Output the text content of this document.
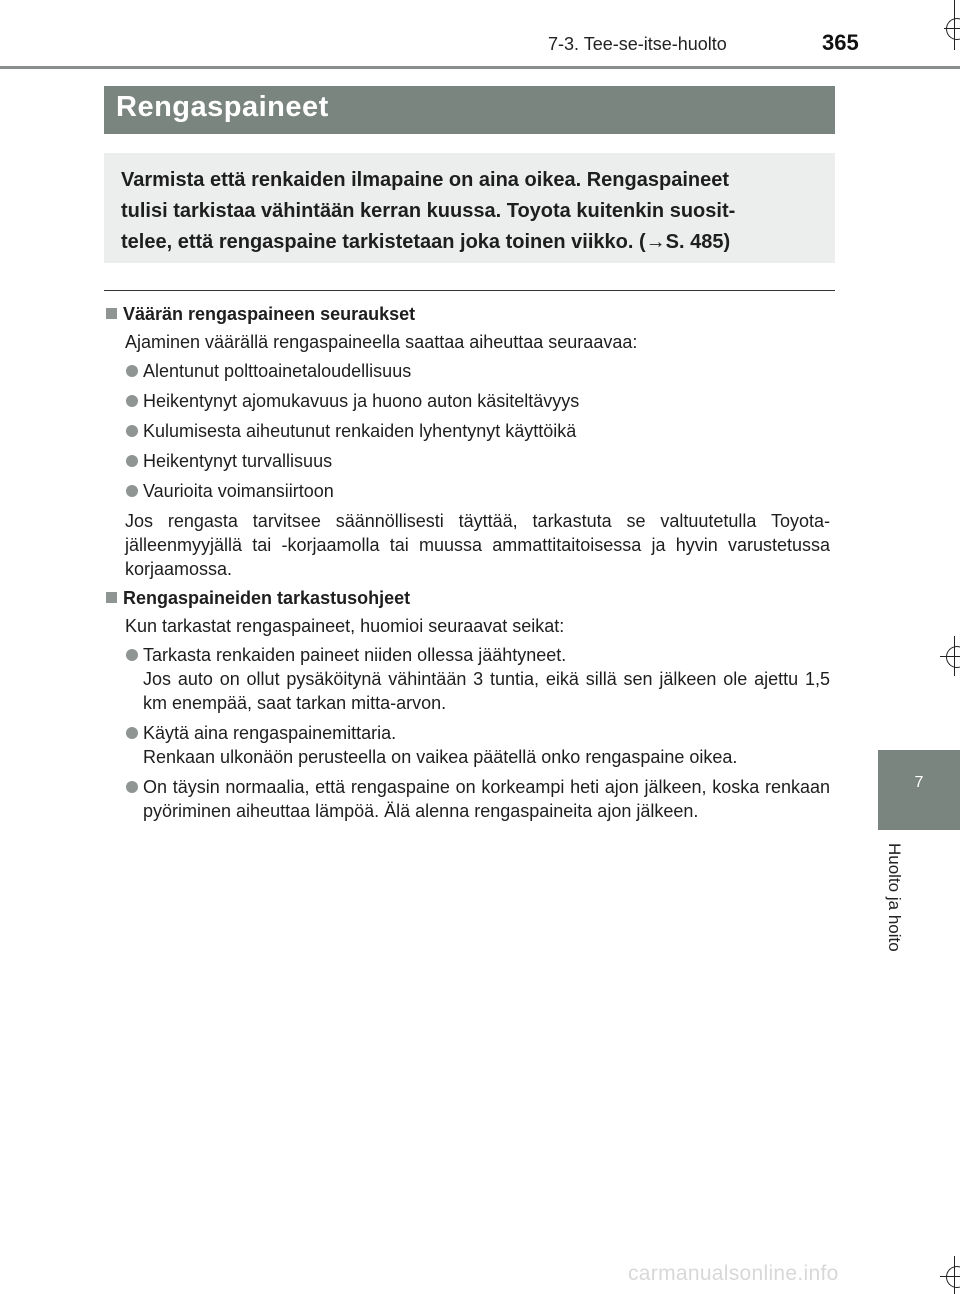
7-3. Tee-se-itse-huolto	365
Rengaspaineet
Varmista että renkaiden ilmapaine on aina oikea. Rengaspaineet
tulisi tarkistaa vähintään kerran kuussa. Toyota kuitenkin suosit-
telee, että rengaspaine tarkistetaan joka toinen viikko. (→S. 485)
Väärän rengaspaineen seuraukset
Ajaminen väärällä rengaspaineella saattaa aiheuttaa seuraavaa:
Alentunut polttoainetaloudellisuus
Heikentynyt ajomukavuus ja huono auton käsiteltävyys
Kulumisesta aiheutunut renkaiden lyhentynyt käyttöikä
Heikentynyt turvallisuus
Vaurioita voimansiirtoon
Jos rengasta tarvitsee säännöllisesti täyttää, tarkastuta se valtuutetulla Toyota-jälleenmyyjällä tai -korjaamolla tai muussa ammattitaitoisessa ja hyvin varustetussa korjaamossa.
Rengaspaineiden tarkastusohjeet
Kun tarkastat rengaspaineet, huomioi seuraavat seikat:
Tarkasta renkaiden paineet niiden ollessa jäähtyneet.
Jos auto on ollut pysäköitynä vähintään 3 tuntia, eikä sillä sen jälkeen ole ajettu 1,5 km enempää, saat tarkan mitta-arvon.
Käytä aina rengaspainemittaria.
Renkaan ulkonäön perusteella on vaikea päätellä onko rengaspaine oikea.
On täysin normaalia, että rengaspaine on korkeampi heti ajon jälkeen, koska renkaan pyöriminen aiheuttaa lämpöä. Älä alenna rengaspaineita ajon jälkeen.
7
Huolto ja hoito
carmanualsonline.info
